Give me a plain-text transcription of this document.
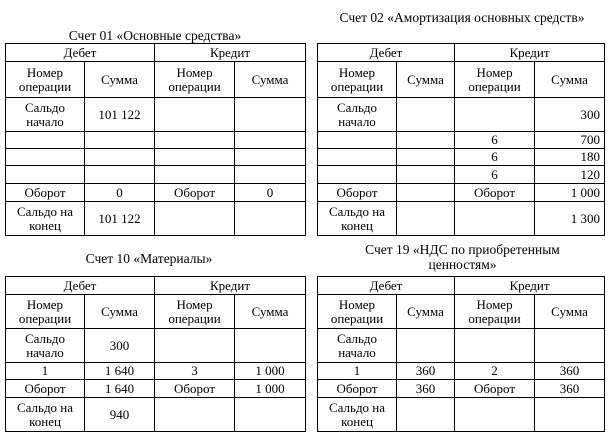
Счет 01 «Основные средства»
Дебет		Кредит	
Номер операции	Сумма	Номер операции	Сумма
Сальдо начало	101 122		

Оборот	0	Оборот	0
Сальдо на конец	101 122		
Счет 02 «Амортизация основных средств»
Дебет		Кредит	
Номер операции	Сумма	Номер операции	Сумма
Сальдо начало			300
		6	700
		6	180
		6	120
Оборот		Оборот	1 000
Сальдо на конец			1 300
Счет 10 «Материалы»
Дебет		Кредит	
Номер операции	Сумма	Номер операции	Сумма
Сальдо начало	300		
1	1 640	3	1 000
Оборот	1 640	Оборот	1 000
Сальдо на конец	940		
Счет 19 «НДС по приобретенным ценностям»
Дебет		Кредит	
Номер операции	Сумма	Номер операции	Сумма
Сальдо начало			
1	360	2	360
Оборот	360	Оборот	360
Сальдо на конец			
